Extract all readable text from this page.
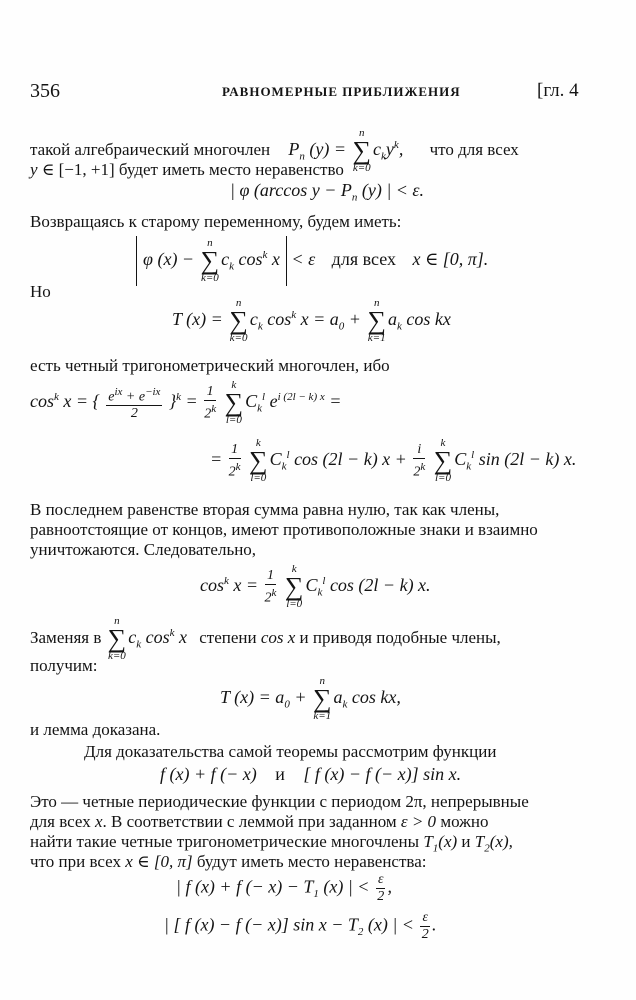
356	РАВНОМЕРНЫЕ ПРИБЛИЖЕНИЯ	[гл. 4
такой алгебраический многочлен $P_n$ (y) =
n
∑
k=0
$c_ky^k$, что для всех
y ∈ [−1, +1] будет иметь место неравенство
| φ (arccos $y - P_n$ (y) | < ε.
Возвращаясь к старому переменному, будем иметь:
φ (x) −
n
∑
k=0
$c_k$ $\cos^k x < \varepsilon$ для всех x ∈ [0, π].
Но
T (x) =
n
∑
k=0
$c_k$ $\cos^k x = a_0$ +
n
∑
k=1
$a_k$ cos kx
есть четный тригонометрический многочлен, ибо
$\cos^k x$ = { $\frac{e^{ix} + e^{-ix}}{2} \}^k = \frac{1}{2^k}$
	k
∑
l=0
$C_k^l$ $e^{i (2l - k) x}$ =
= $\frac{1}{2^k}$
	k
∑
l=0
$C_k^l$ cos (2l − k) $x + \frac{i}{2^k}$
	k
∑
l=0
$C_k^l$ sin (2l − k) x.
В последнем равенстве вторая сумма равна нулю, так как члены,
равноотстоящие от концов, имеют противоположные знаки и взаимно
уничтожаются. Следовательно,
$\cos^k x = \frac{1}{2^k}$
	k
∑
l=0
$C_k^l$ cos (2l − k) x.
Заменяя в
n
∑
k=0
$c_k$ $\cos^k x$ степени cos x и приводя подобные члены,
получим:
T $(x) = a_0$ +
n
∑
k=1
$a_k$ cos kx,
и лемма доказана.
Для доказательства самой теоремы рассмотрим функции
f (x) + f (− x) и [ f (x) − f (− x)] sin x.
Это — четные периодические функции с периодом 2π, непрерывные
для всех x. В соответствии с леммой при заданном ε > 0 можно
найти такие четные тригонометрические многочлены $T_1(x)$ и $T_2(x)$,
что при всех x ∈ [0, π] будут иметь место неравенства:
| f (x) + f (− $x) - T_1$ (x) | < $\frac{\varepsilon}{2}$ ,
| [ f (x) − f (− x)] $\sin x - T_2$ (x) | < $\frac{\varepsilon}{2}$ .
